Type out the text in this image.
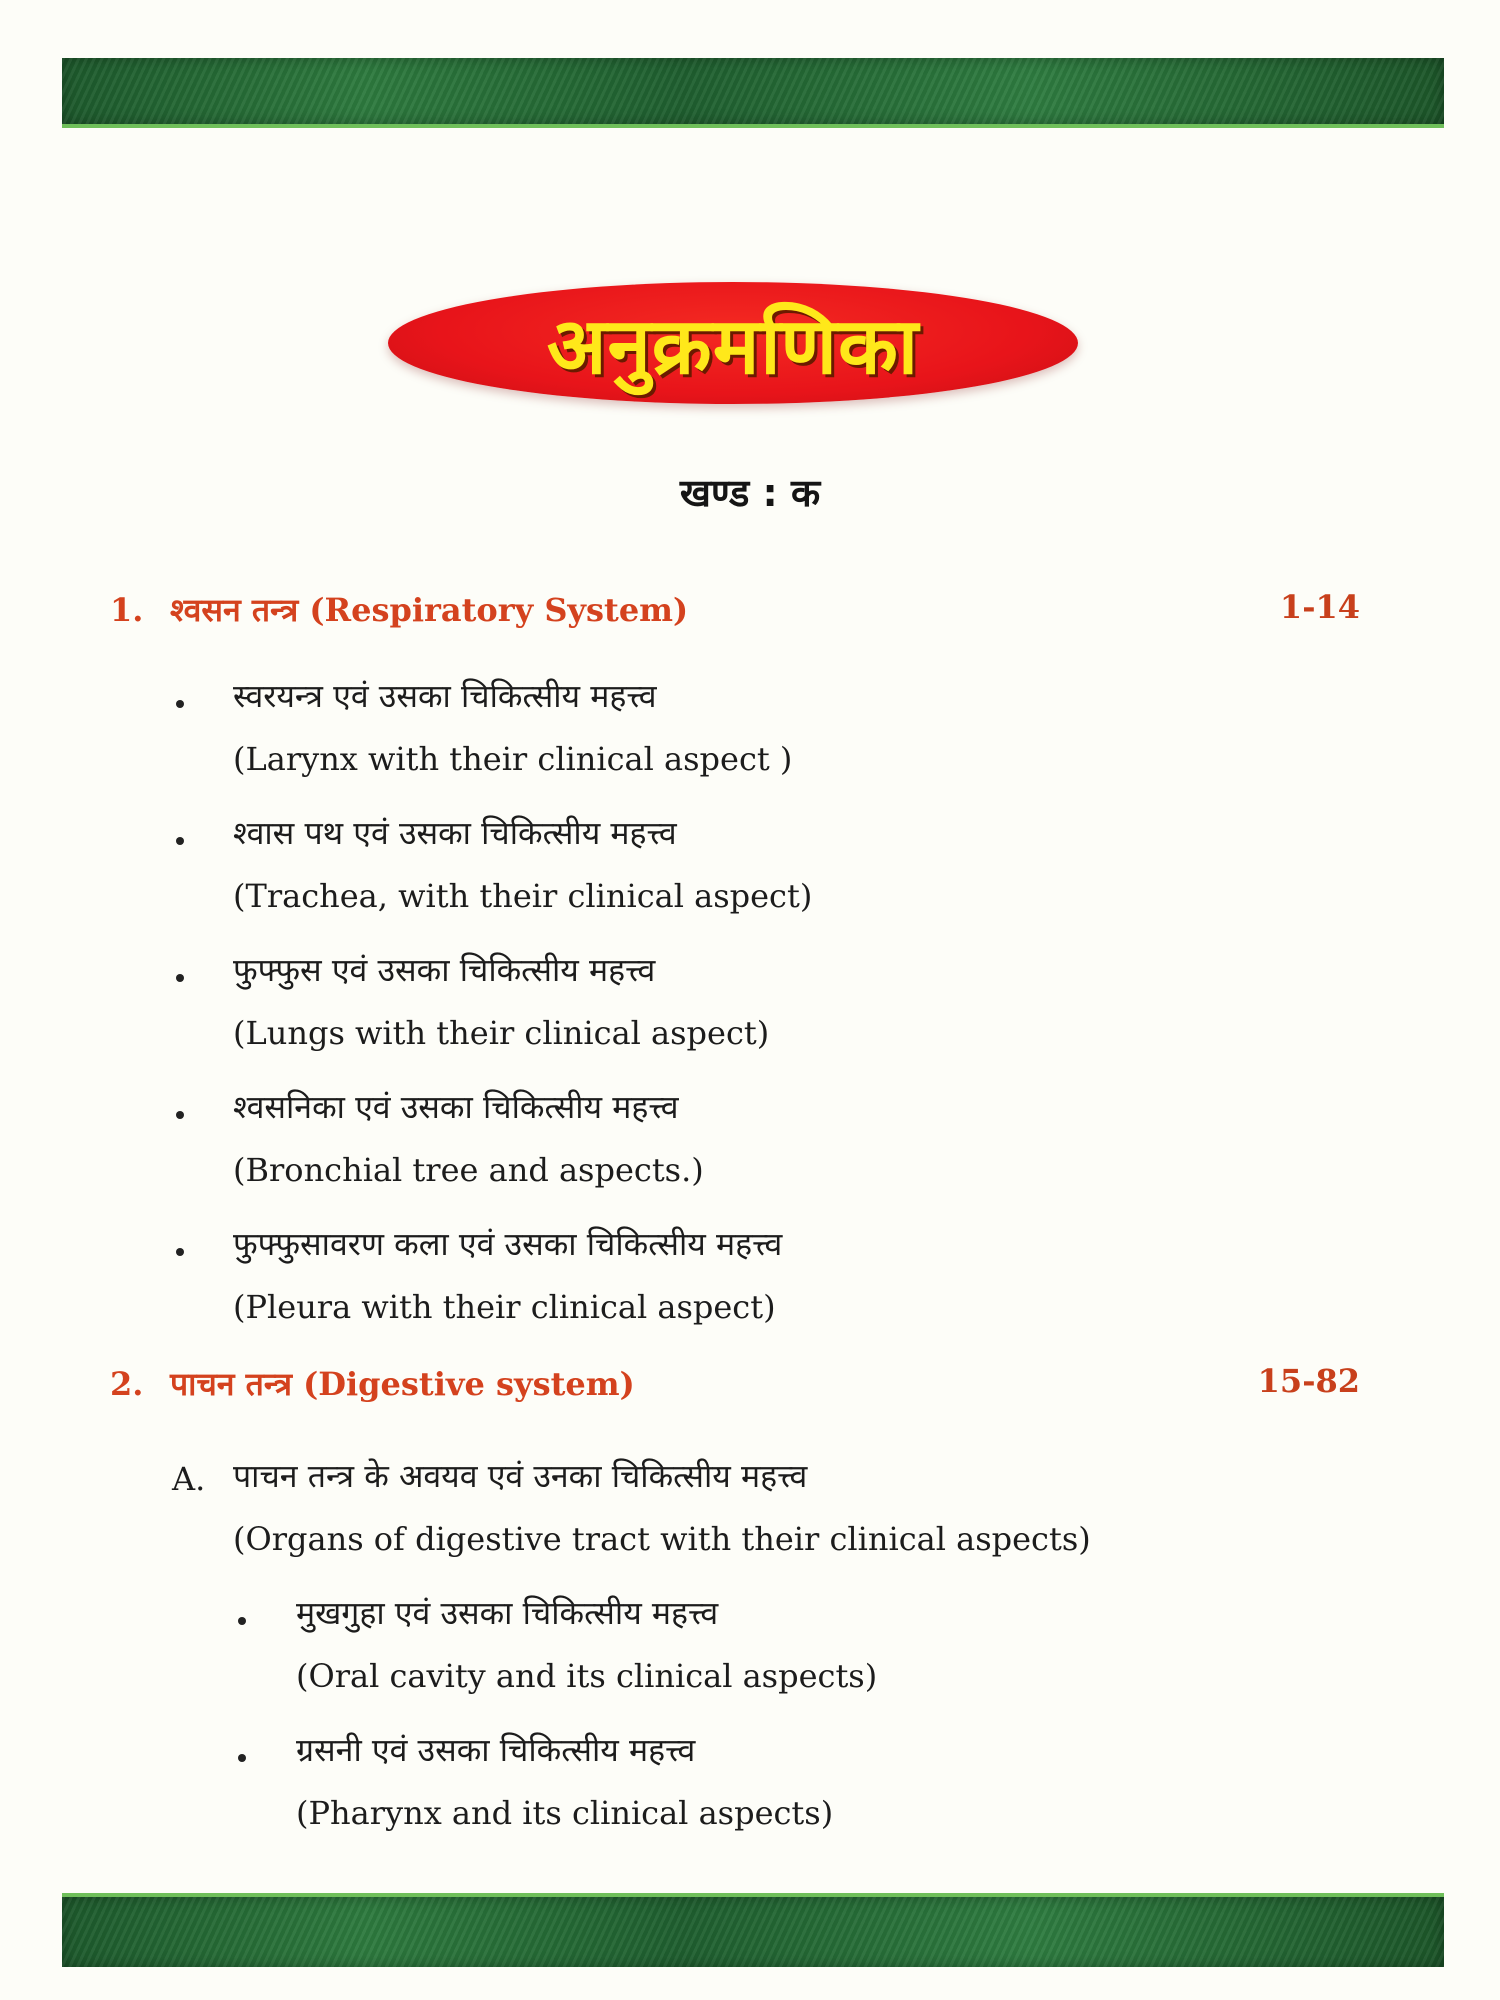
अनुक्रमणिका
खण्ड : क
1. श्वसन तन्त्र (Respiratory System)	1-14
स्वरयन्त्र एवं उसका चिकित्सीय महत्त्व
(Larynx with their clinical aspect )
श्वास पथ एवं उसका चिकित्सीय महत्त्व
(Trachea, with their clinical aspect)
फुफ्फुस एवं उसका चिकित्सीय महत्त्व
(Lungs with their clinical aspect)
श्वसनिका एवं उसका चिकित्सीय महत्त्व
(Bronchial tree and aspects.)
फुफ्फुसावरण कला एवं उसका चिकित्सीय महत्त्व
(Pleura with their clinical aspect)
2. पाचन तन्त्र (Digestive system)	15-82
A. पाचन तन्त्र के अवयव एवं उनका चिकित्सीय महत्त्व
(Organs of digestive tract with their clinical aspects)
मुखगुहा एवं उसका चिकित्सीय महत्त्व
(Oral cavity and its clinical aspects)
ग्रसनी एवं उसका चिकित्सीय महत्त्व
(Pharynx and its clinical aspects)
